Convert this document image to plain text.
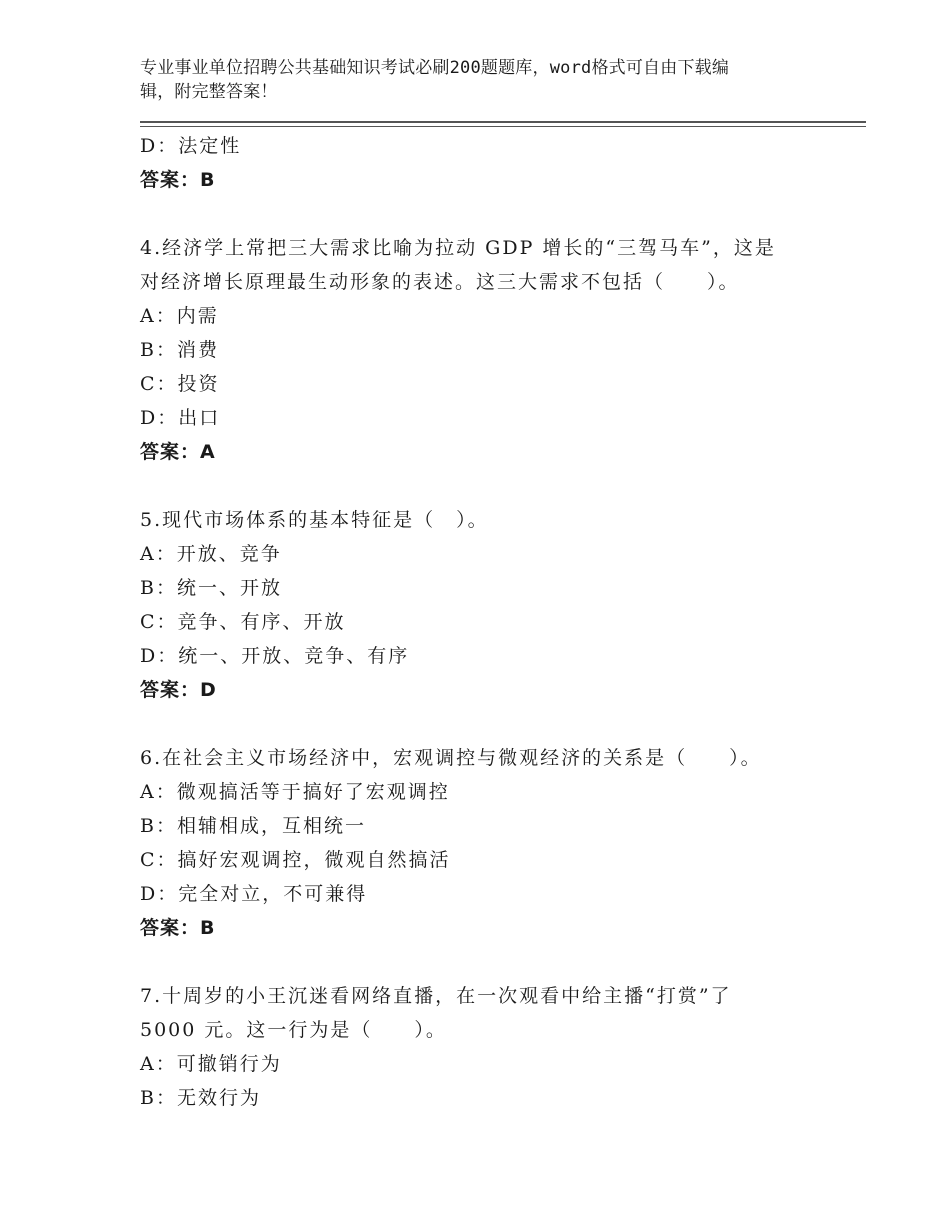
专业事业单位招聘公共基础知识考试必刷200题题库，word格式可自由下载编
辑，附完整答案！
D：法定性
答案：B
4.经济学上常把三大需求比喻为拉动 GDP 增长的“三驾马车”，这是
对经济增长原理最生动形象的表述。这三大需求不包括（　　）。
A：内需
B：消费
C：投资
D：出口
答案：A
5.现代市场体系的基本特征是（　）。
A：开放、竞争
B：统一、开放
C：竞争、有序、开放
D：统一、开放、竞争、有序
答案：D
6.在社会主义市场经济中，宏观调控与微观经济的关系是（　　）。
A：微观搞活等于搞好了宏观调控
B：相辅相成，互相统一
C：搞好宏观调控，微观自然搞活
D：完全对立，不可兼得
答案：B
7.十周岁的小王沉迷看网络直播，在一次观看中给主播“打赏”了
5000 元。这一行为是（　　）。
A：可撤销行为
B：无效行为
